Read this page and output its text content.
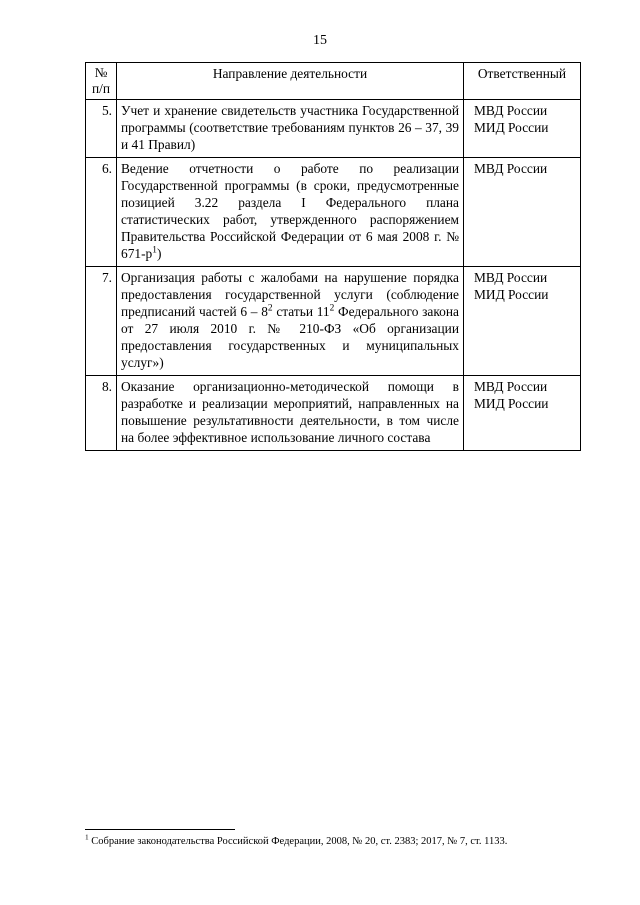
15
№
п/п	Направление деятельности	Ответственный
5.	Учет и хранение свидетельств участника Государственной программы (соответствие требованиям пунктов 26 – 37, 39 и 41 Правил)	МВД России
МИД России

6.	Ведение отчетности о работе по реализации Государственной программы (в сроки, предусмотренные позицией 3.22 раздела I Федерального плана статистических работ, утвержденного распоряжением Правительства Российской Федерации от 6 мая 2008 г. № $671-р^1$)	МВД России

7.	Организация работы с жалобами на нарушение порядка предоставления государственной услуги (соблюдение предписаний частей $6 - 8^2$ статьи $11^2$ Федерального закона от 27 июля 2010 г. № 210-ФЗ «Об организации предоставления государственных и муниципальных услуг»)	МВД России
МИД России

8.	Оказание организационно-методической помощи в разработке и реализации мероприятий, направленных на повышение результативности деятельности, в том числе на более эффективное использование личного состава	МВД России
МИД России
$^1$ Собрание законодательства Российской Федерации, 2008, № 20, ст. 2383; 2017, № 7, ст. 1133.
